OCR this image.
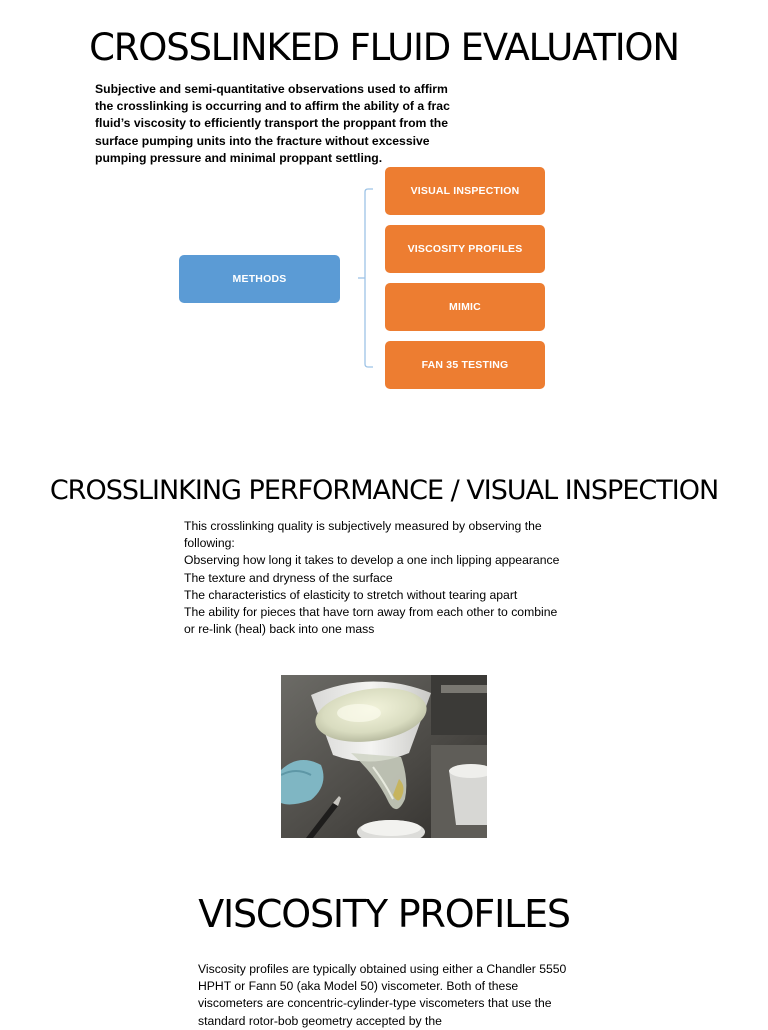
CROSSLINKED FLUID EVALUATION

Subjective and semi-quantitative observations used to affirm the crosslinking is occurring and to affirm the ability of a frac fluid’s viscosity to efficiently transport the proppant from the surface pumping units into the fracture without excessive pumping pressure and minimal proppant settling.

METHODS
VISUAL INSPECTION
VISCOSITY PROFILES
MIMIC
FAN 35 TESTING
CROSSLINKING PERFORMANCE / VISUAL INSPECTION

This crosslinking quality is subjectively measured by observing the following:

Observing how long it takes to develop a one inch lipping appearance

The texture and dryness of the surface

The characteristics of elasticity to stretch without tearing apart

The ability for pieces that have torn away from each other to combine or re-link (heal) back into one mass

VISCOSITY PROFILES

Viscosity profiles are typically obtained using either a Chandler 5550 HPHT or Fann 50 (aka Model 50) viscometer. Both of these viscometers are concentric-cylinder-type viscometers that use the standard rotor-bob geometry accepted by the
